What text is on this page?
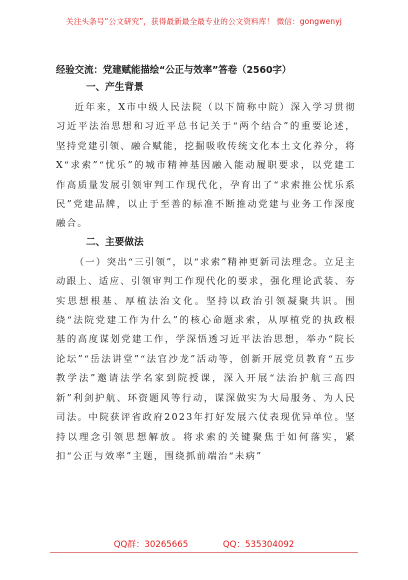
关注头条号“公文研究”，获得最新最全最专业的公文资料库！ 微信：gongwenyj
经验交流：党建赋能描绘“公正与效率”答卷（2560字）
一、产生背景

近年来，X市中级人民法院（以下简称中院）深入学习贯彻习近平法治思想和习近平总书记关于“两个结合”的重要论述，坚持党建引领、融合赋能，挖掘吸收传统文化本土文化养分，将X“求索”“忧乐”的城市精神基因融入能动履职要求，以党建工作高质量发展引领审判工作现代化，孕育出了“求索推公忧乐系民”党建品牌，以止于至善的标准不断推动党建与业务工作深度融合。

二、主要做法

（一）突出“三引领”，以“求索”精神更新司法理念。立足主动跟上、适应、引领审判工作现代化的要求，强化理论武装、夯实思想根基、厚植法治文化。坚持以政治引领凝聚共识。围绕“法院党建工作为什么”的核心命题求索，从厚植党的执政根基的高度谋划党建工作，学深悟透习近平法治思想，举办“院长论坛”“岳法讲堂”“法官沙龙”活动等，创新开展党员教育“五步教学法”邀请法学名家到院授课，深入开展“法治护航三高四新”利剑护航、环资题风等行动，谋深做实为大局服务、为人民司法。中院获评省政府2023年打好发展六仗表现优异单位。坚持以理念引领思想解放。将求索的关键聚焦于如何落实，紧扣“公正与效率”主题，围绕抓前端治“未病”

QQ群：30265665	QQ：535304092
